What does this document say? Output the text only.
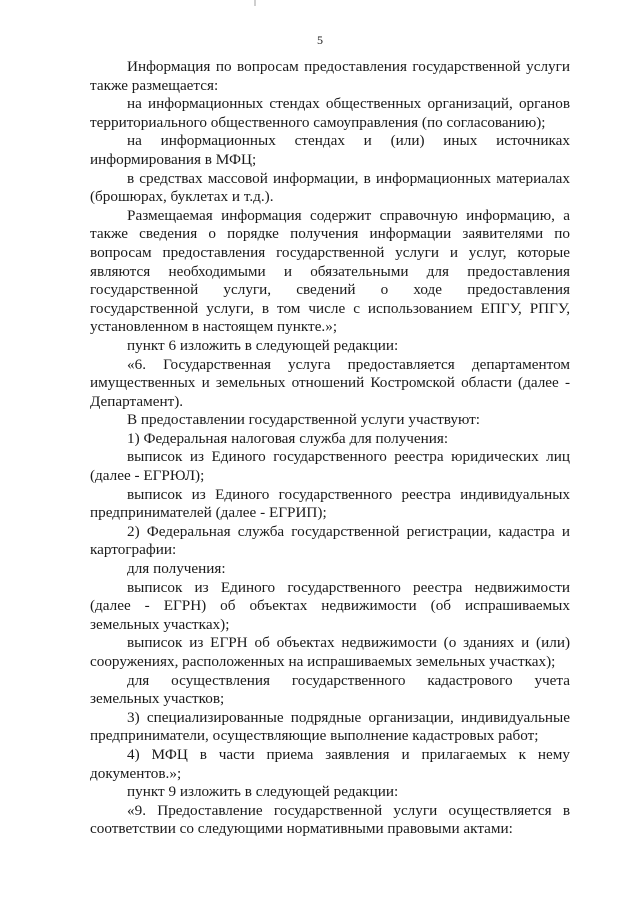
5

Информация по вопросам предоставления государственной услуги также размещается:

на информационных стендах общественных организаций, органов территориального общественного самоуправления (по согласованию);

на информационных стендах и (или) иных источниках информирования в МФЦ;

в средствах массовой информации, в информационных материалах (брошюрах, буклетах и т.д.).

Размещаемая информация содержит справочную информацию, а также сведения о порядке получения информации заявителями по вопросам предоставления государственной услуги и услуг, которые являются необходимыми и обязательными для предоставления государственной услуги, сведений о ходе предоставления государственной услуги, в том числе с использованием ЕПГУ, РПГУ, установленном в настоящем пункте.»;

пункт 6 изложить в следующей редакции:

«6. Государственная услуга предоставляется департаментом имущественных и земельных отношений Костромской области (далее - Департамент).

В предоставлении государственной услуги участвуют:

1) Федеральная налоговая служба для получения:

выписок из Единого государственного реестра юридических лиц (далее - ЕГРЮЛ);

выписок из Единого государственного реестра индивидуальных предпринимателей (далее - ЕГРИП);

2) Федеральная служба государственной регистрации, кадастра и картографии:

для получения:

выписок из Единого государственного реестра недвижимости (далее - ЕГРН) об объектах недвижимости (об испрашиваемых земельных участках);

выписок из ЕГРН об объектах недвижимости (о зданиях и (или) сооружениях, расположенных на испрашиваемых земельных участках);

для осуществления государственного кадастрового учета земельных участков;

3) специализированные подрядные организации, индивидуальные предприниматели, осуществляющие выполнение кадастровых работ;

4) МФЦ в части приема заявления и прилагаемых к нему документов.»;

пункт 9 изложить в следующей редакции:

«9. Предоставление государственной услуги осуществляется в соответствии со следующими нормативными правовыми актами:
